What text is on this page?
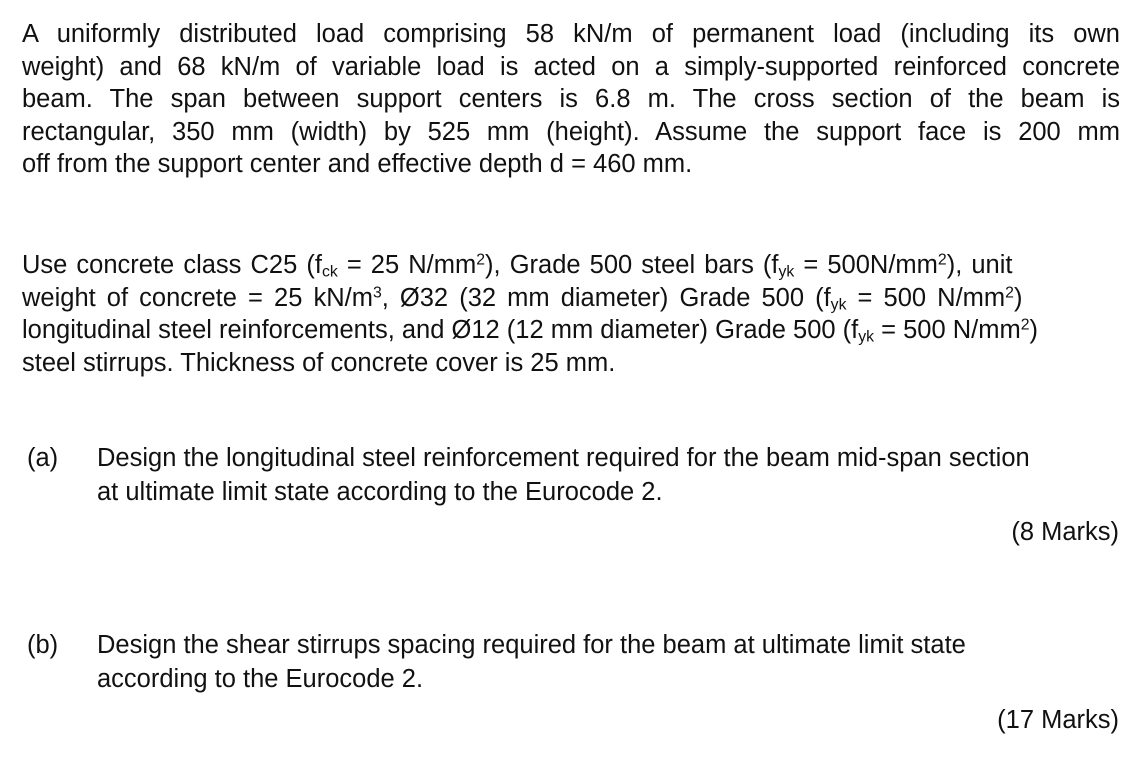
A uniformly distributed load comprising 58 kN/m of permanent load (including its own
weight) and 68 kN/m of variable load is acted on a simply-supported reinforced concrete
beam. The span between support centers is 6.8 m. The cross section of the beam is
rectangular, 350 mm (width) by 525 mm (height). Assume the support face is 200 mm
off from the support center and effective depth d = 460 mm.
Use concrete class C25 ($f_{ck} = 25$ $N/mm^2$), Grade 500 steel bars $(f_{yk} = 500N/mm^2)$, unit
weight of concrete = 25 $kN/m^3$, Ø32 (32 mm diameter) Grade 500 ($f_{yk} = 500$ $N/mm^2$)
longitudinal steel reinforcements, and Ø12 (12 mm diameter) Grade 500 ($f_{yk} = 500$ $N/mm^2$)
steel stirrups. Thickness of concrete cover is 25 mm.
(a) Design the longitudinal steel reinforcement required for the beam mid-span section
at ultimate limit state according to the Eurocode 2.
(8 Marks)
(b) Design the shear stirrups spacing required for the beam at ultimate limit state
according to the Eurocode 2.
(17 Marks)
